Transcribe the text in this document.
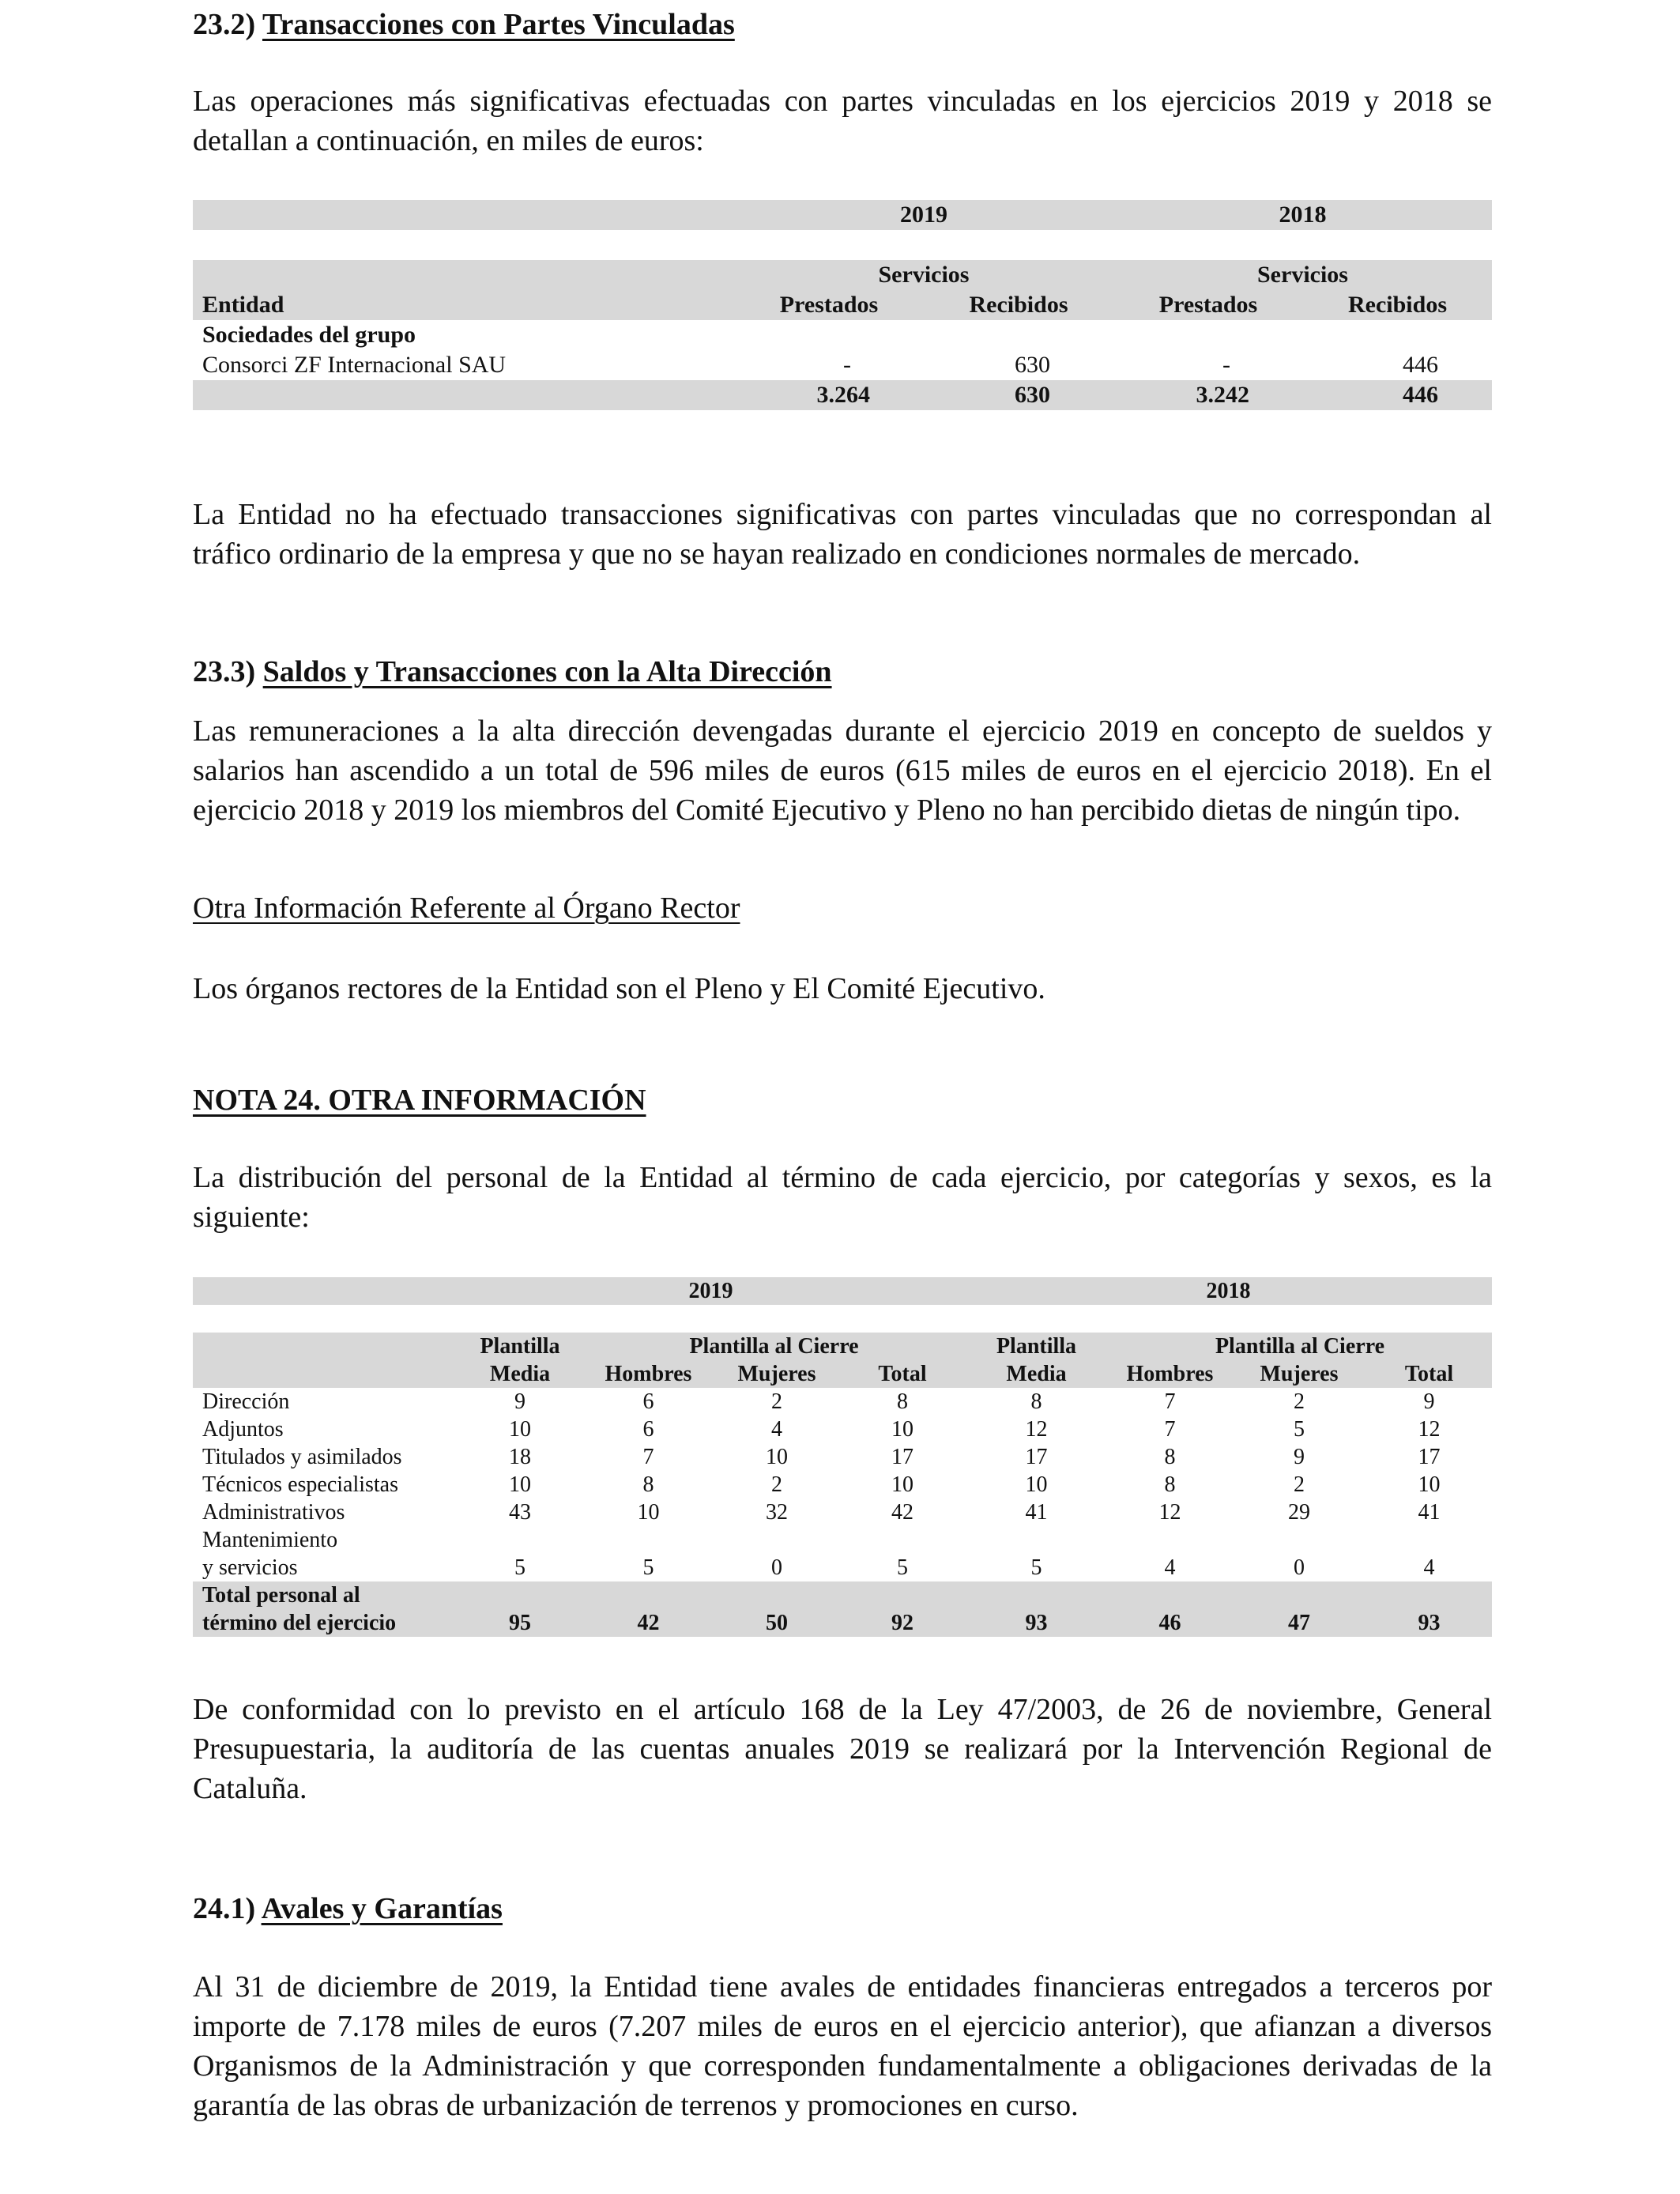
23.2) Transacciones con Partes Vinculadas

Las operaciones más significativas efectuadas con partes vinculadas en los ejercicios 2019 y 2018 se detallan a continuación, en miles de euros:

	2019		2018	

	Servicios		Servicios	
Entidad	Prestados	Recibidos	Prestados	Recibidos
Sociedades del grupo				
Consorci ZF Internacional SAU	-	630	-	446
	3.264	630	3.242	446

La Entidad no ha efectuado transacciones significativas con partes vinculadas que no correspondan al tráfico ordinario de la empresa y que no se hayan realizado en condiciones normales de mercado.

23.3) Saldos y Transacciones con la Alta Dirección

Las remuneraciones a la alta dirección devengadas durante el ejercicio 2019 en concepto de sueldos y salarios han ascendido a un total de 596 miles de euros (615 miles de euros en el ejercicio 2018). En el ejercicio 2018 y 2019 los miembros del Comité Ejecutivo y Pleno no han percibido dietas de ningún tipo.

Otra Información Referente al Órgano Rector

Los órganos rectores de la Entidad son el Pleno y El Comité Ejecutivo.

NOTA 24. OTRA INFORMACIÓN

La distribución del personal de la Entidad al término de cada ejercicio, por categorías y sexos, es la siguiente:

	2019				2018			

	Plantilla	Plantilla al Cierre			Plantilla	Plantilla al Cierre		
	Media	Hombres	Mujeres	Total	Media	Hombres	Mujeres	Total
Dirección	9	6	2	8	8	7	2	9
Adjuntos	10	6	4	10	12	7	5	12
Titulados y asimilados	18	7	10	17	17	8	9	17
Técnicos especialistas	10	8	2	10	10	8	2	10
Administrativos	43	10	32	42	41	12	29	41
Mantenimiento								
y servicios	5	5	0	5	5	4	0	4
Total personal al								
término del ejercicio	95	42	50	92	93	46	47	93

De conformidad con lo previsto en el artículo 168 de la Ley 47/2003, de 26 de noviembre, General Presupuestaria, la auditoría de las cuentas anuales 2019 se realizará por la Intervención Regional de Cataluña.

24.1) Avales y Garantías

Al 31 de diciembre de 2019, la Entidad tiene avales de entidades financieras entregados a terceros por importe de 7.178 miles de euros (7.207 miles de euros en el ejercicio anterior), que afianzan a diversos Organismos de la Administración y que corresponden fundamentalmente a obligaciones derivadas de la garantía de las obras de urbanización de terrenos y promociones en curso.
